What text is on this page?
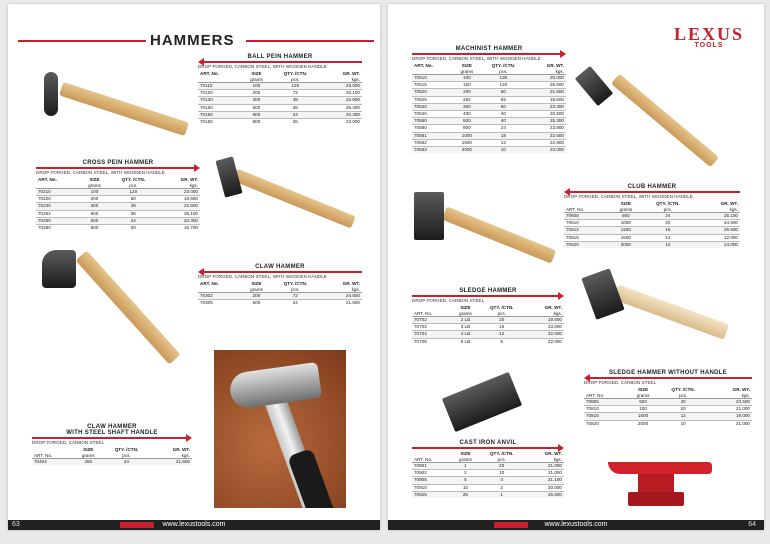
HAMMERS
BALL PEIN HAMMER
DROP FORGED, CARBON STEEL, WITH WOODEN HANDLE
ART. No.	SIZE	QTY. /CTN.	GR. WT.
	grams	pcs.	kgs.
70110	100	120	23.000
70120	200	72	20.100
70130	300	48	22.600
70150	500	36	25.300
70160	600	24	20.300
70180	800	25	23.000
CROSS PEIN HAMMER
DROP FORGED, CARBON STEEL, WITH WOODEN HANDLE
ART. No.	SIZE	QTY. /CTN.	GR. WT.
	grams	pcs.	kgs.
70210	100	120	23.000
70220	200	60	19.600
70230	300	48	22.600
70252	500	36	25.100
70260	600	24	20.300
70280	800	20	16.700
CLAW HAMMER
DROP FORGED, CARBON STEEL, WITH WOODEN HANDLE
ART. No.	SIZE	QTY. /CTN.	GR. WT.
	grams	pcs.	kgs.
70302	200	72	24.500
70305	500	24	21.600
CLAW HAMMER
WITH STEEL SHAFT HANDLE
DROP FORGED, CARBON STEEL
	SIZE	QTY. /CTN.	GR. WT.
ART. No.	grams	pcs.	kgs.
70404	450	24	21.600
63	www.lexustools.com
LEXUS
TOOLS
MACHINIST HAMMER
DROP FORGED, CARBON STEEL, WITH WOODEN HANDLE
ART. No.	SIZE	QTY. /CTN.	GR. WT.
	grams	pcs.	kgs.
70510	100	130	20.000
70515	150	120	25.600
70520	200	80	21.500
70525	252	65	19.500
70530	300	60	23.300
70540	400	40	20.500
70550	500	40	25.300
70580	800	24	23.800
70581	1000	18	22.600
70582	1500	12	22.800
70583	2000	10	23.000
CLUB HAMMER
DROP FORGED, CARBON STEEL, WITH WOODEN HANDLE
	SIZE	QTY. /CTN.	GR. WT.
ART. No.	grams	pcs.	kgs.
70608	800	24	26.100
70610	1000	20	24.500
70612	1250	16	25.500
70615	1500	12	12.000
70620	2000	10	24.000
SLEDGE HAMMER
DROP FORGED, CARBON STEEL
	SIZE	QTY. /CTN.	GR. WT.
ART. No.	grams	pcs.	kgs.
70702	2 LB	20	19.600
70703	3 LB	16	23.000
70704	4 LB	12	22.000
70706	6 LB	8	22.000
SLEDGE HAMMER WITHOUT HANDLE
DROP FORGED, CARBON STEEL
	SIZE	QTY. /CTN.	GR. WT.
ART. No.	grams	pcs.	kgs.
70805	500	40	23.500
70810	100	20	21.000
70815	1500	12	19.000
70820	2000	10	21.000
CAST IRON ANVIL
	SIZE	QTY. /CTN.	GR. WT.
ART. No.	grams	pcs.	kgs.
70901	1	20	21.000
70902	2	10	21.000
70905	5	4	21.100
70910	10	2	20.000
70925	25	1	25.600
64
www.lexustools.com
